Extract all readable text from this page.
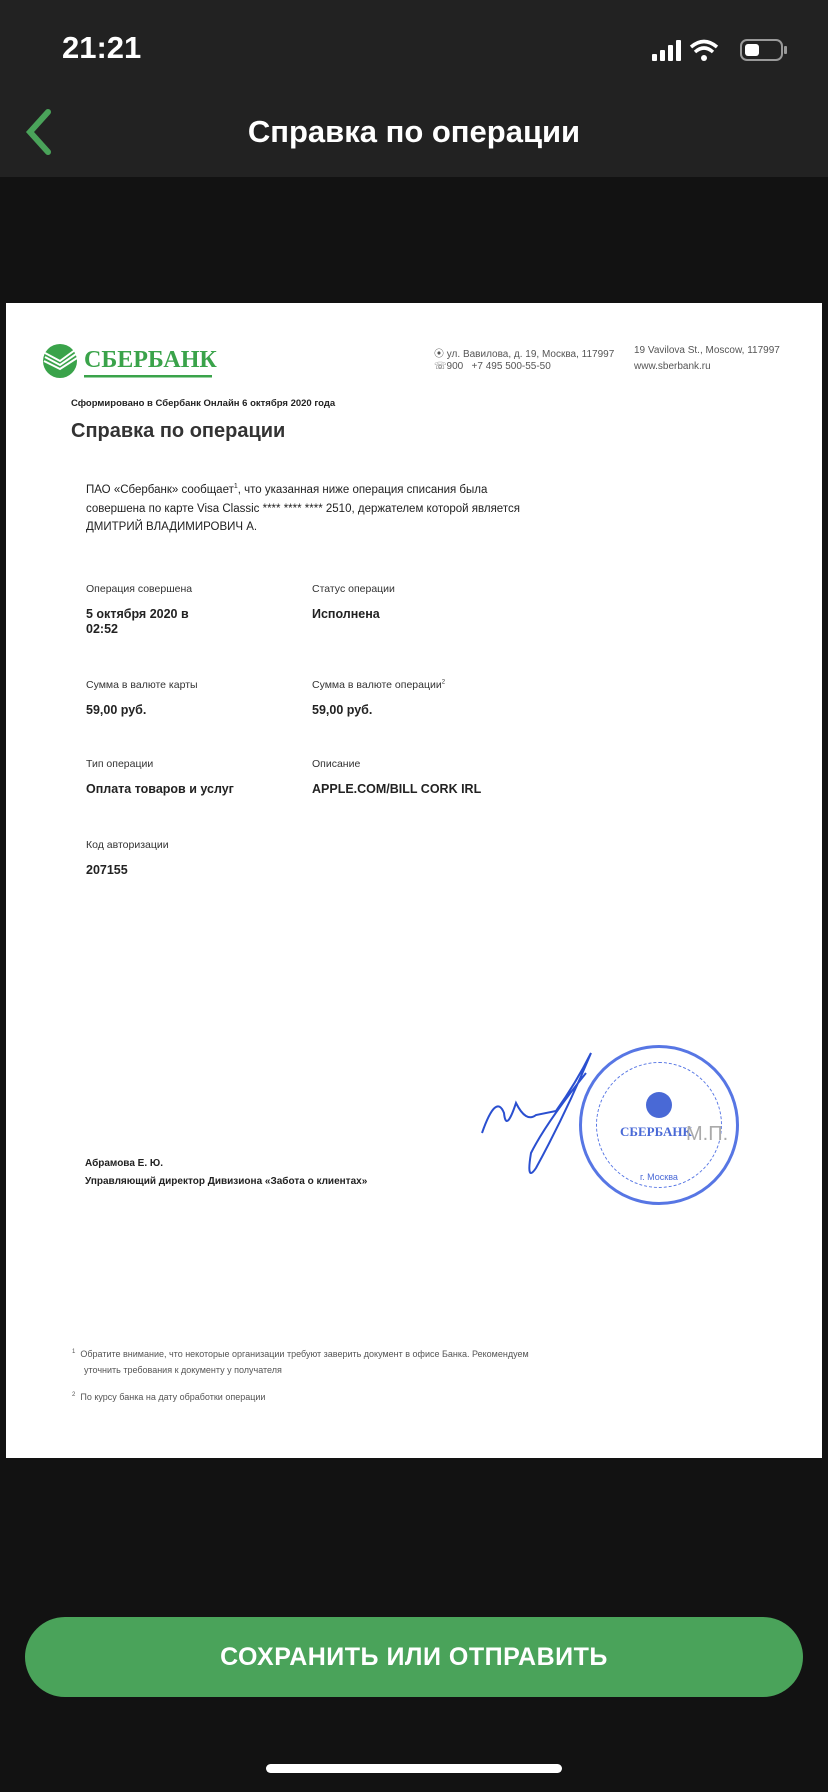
21:21
Справка по операции
СБЕРБАНК	⦿ ул. Вавилова, д. 19, Москва, 117997
☏900 +7 495 500-55-50
19 Vavilova St., Moscow, 117997
www.sberbank.ru
Сформировано в Сбербанк Онлайн 6 октября 2020 года
Справка по операции
ПАО «Сбербанк» сообщает$^1$, что указанная ниже операция списания была
совершена по карте Visa Classic **** **** **** 2510, держателем которой является
ДМИТРИЙ ВЛАДИМИРОВИЧ А.
Операция совершена
5 октября 2020 в
02:52
Статус операции
Исполнена
Сумма в валюте карты
59,00 руб.
Сумма в валюте операции$^2$
59,00 руб.
Тип операции
Оплата товаров и услуг
Описание
APPLE.COM/BILL CORK IRL
Код авторизации
207155
Абрамова Е. Ю.
Управляющий директор Дивизиона «Забота о клиентах»
СБЕРБАНК
г. Москва
М.П.
$^1$ Обратите внимание, что некоторые организации требуют заверить документ в офисе Банка. Рекомендуем
уточнить требования к документу у получателя
$^2$ По курсу банка на дату обработки операции
СОХРАНИТЬ ИЛИ ОТПРАВИТЬ
